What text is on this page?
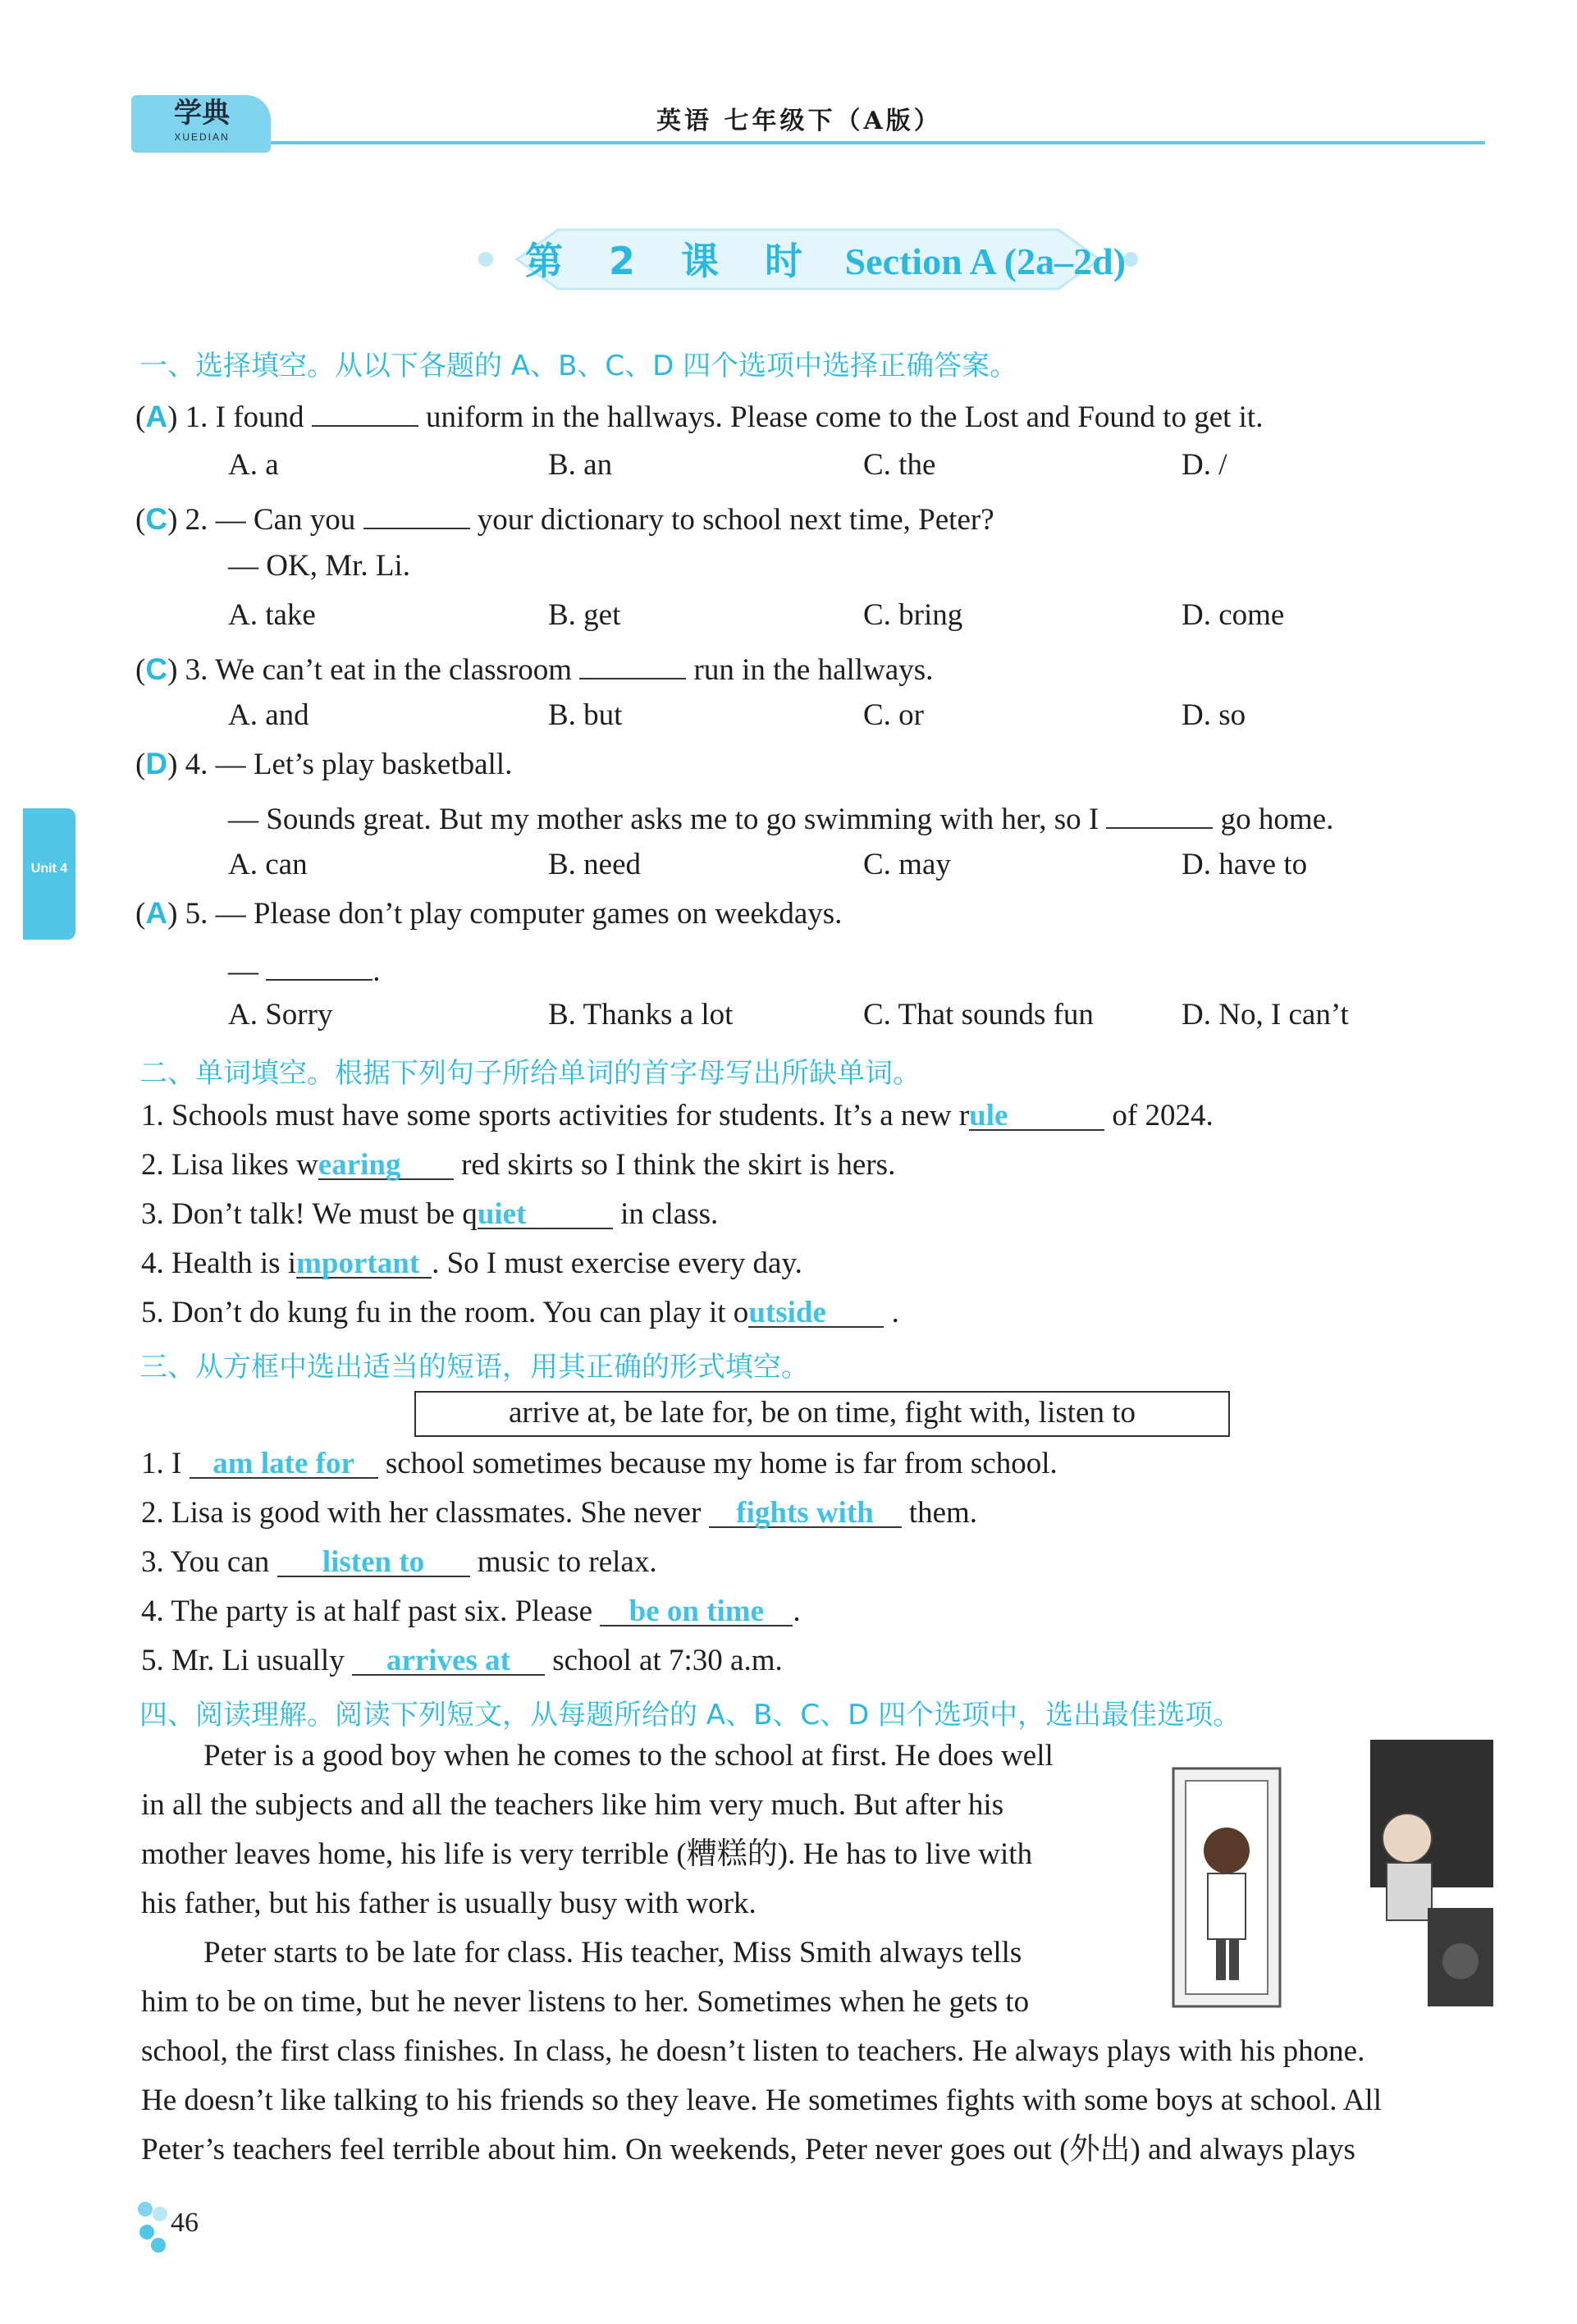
学典
XUEDIAN
英语 七年级下（A版）
第 2 课 时 Section A (2a–2d)
Unit 4
一、选择填空。从以下各题的 A、B、C、D 四个选项中选择正确答案。
(A) 1. I found	uniform in the hallways. Please come to the Lost and Found to get it.
A. a	B. an	C. the	D. /
(C) 2. — Can you	your dictionary to school next time, Peter?
— OK, Mr. Li.
A. take	B. get	C. bring	D. come
(C) 3. We can’t eat in the classroom	run in the hallways.
A. and	B. but	C. or	D. so
(D) 4. — Let’s play basketball.
— Sounds great. But my mother asks me to go swimming with her, so I	go home.
A. can	B. need	C. may	D. have to
(A) 5. — Please don’t play computer games on weekdays.
—	.
A. Sorry	B. Thanks a lot	C. That sounds fun	D. No, I can’t
二、单词填空。根据下列句子所给单词的首字母写出所缺单词。
1. Schools must have some sports activities for students. It’s a new rule	of 2024.
2. Lisa likes wearing red skirts so I think the skirt is hers.
3. Don’t talk! We must be quiet	in class.
4. Health is important . So I must exercise every day.
5. Don’t do kung fu in the room. You can play it outside .
三、从方框中选出适当的短语，用其正确的形式填空。
arrive at, be late for, be on time, fight with, listen to
1. I am late for school sometimes because my home is far from school.
2. Lisa is good with her classmates. She never fights with them.
3. You can listen to music to relax.
4. The party is at half past six. Please be on time .
5. Mr. Li usually arrives at school at 7:30 a.m.
四、阅读理解。阅读下列短文，从每题所给的 A、B、C、D 四个选项中，选出最佳选项。
Peter is a good boy when he comes to the school at first. He does well
in all the subjects and all the teachers like him very much. But after his
mother leaves home, his life is very terrible (糟糕的). He has to live with
his father, but his father is usually busy with work.
Peter starts to be late for class. His teacher, Miss Smith always tells
him to be on time, but he never listens to her. Sometimes when he gets to
school, the first class finishes. In class, he doesn’t listen to teachers. He always plays with his phone.
He doesn’t like talking to his friends so they leave. He sometimes fights with some boys at school. All
Peter’s teachers feel terrible about him. On weekends, Peter never goes out (外出) and always plays
46
